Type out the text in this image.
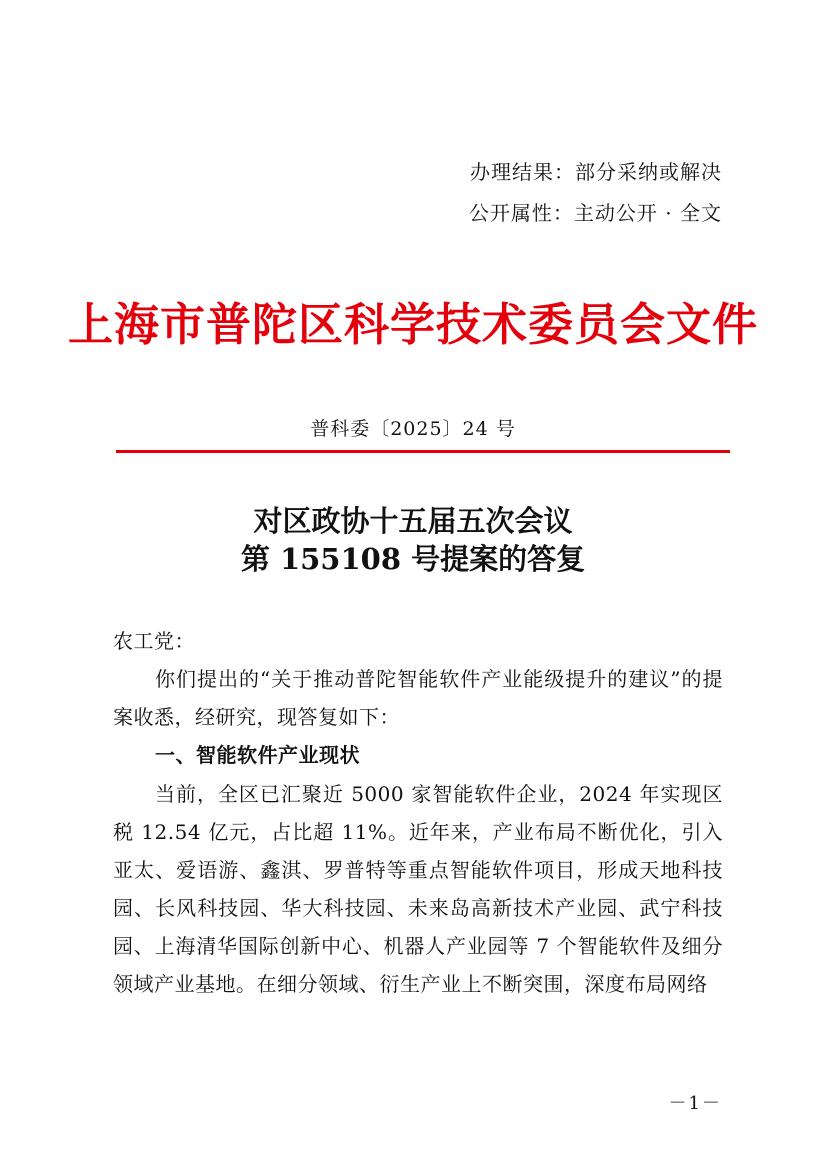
办理结果：部分采纳或解决
公开属性：主动公开 · 全文
上海市普陀区科学技术委员会文件
普科委〔2025〕24 号
对区政协十五届五次会议
第 155108 号提案的答复
农工党：
你们提出的“关于推动普陀智能软件产业能级提升的建议”的提案收悉，经研究，现答复如下：
一、智能软件产业现状
当前，全区已汇聚近 5000 家智能软件企业，2024 年实现区税 12.54 亿元，占比超 11%。近年来，产业布局不断优化，引入亚太、爱语游、鑫淇、罗普特等重点智能软件项目，形成天地科技园、长风科技园、华大科技园、未来岛高新技术产业园、武宁科技园、上海清华国际创新中心、机器人产业园等 7 个智能软件及细分领域产业基地。在细分领域、衍生产业上不断突围，深度布局网络
－1－
